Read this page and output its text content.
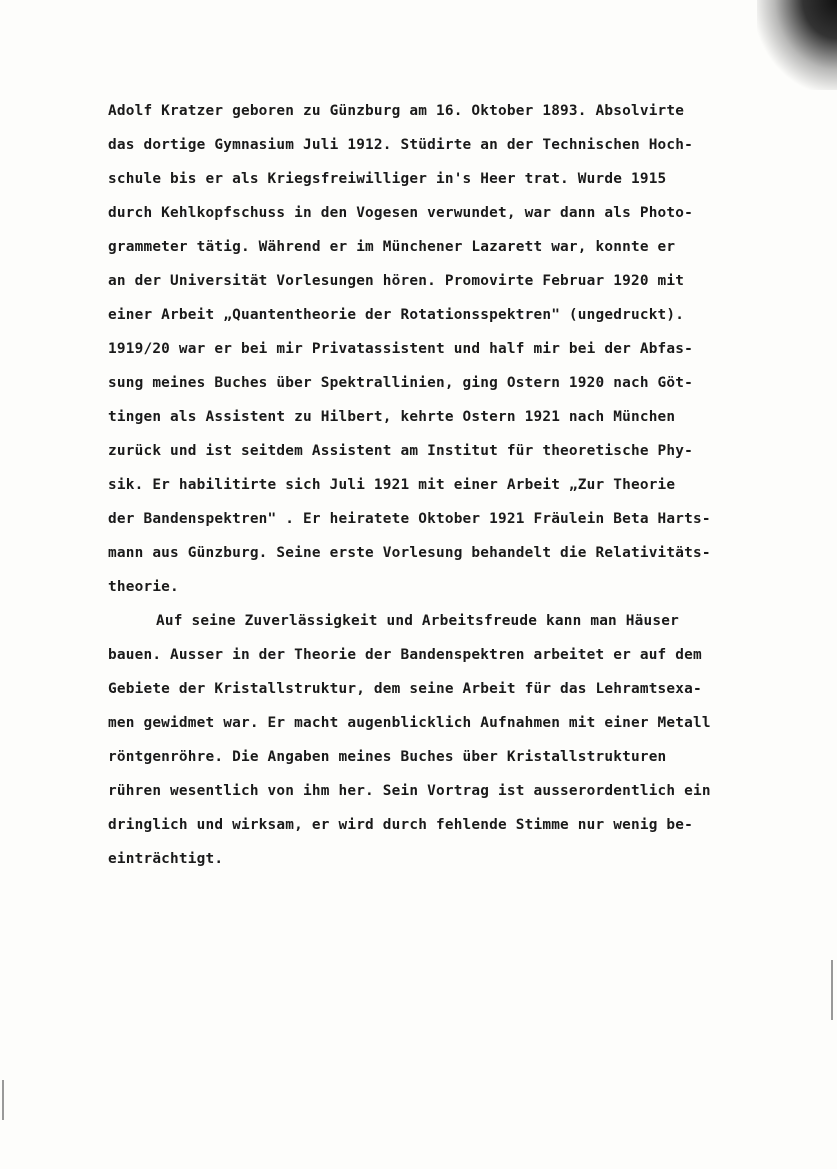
Adolf Kratzer geboren zu Günzburg am 16. Oktober 1893. Absolvirte
das dortige Gymnasium Juli 1912. Stüdirte an der Technischen Hoch-
schule bis er als Kriegsfreiwilliger in's Heer trat. Wurde 1915
durch Kehlkopfschuss in den Vogesen verwundet, war dann als Photo-
grammeter tätig. Während er im Münchener Lazarett war, konnte er
an der Universität Vorlesungen hören. Promovirte Februar 1920 mit
einer Arbeit „Quantentheorie der Rotationsspektren" (ungedruckt).
1919/20 war er bei mir Privatassistent und half mir bei der Abfas-
sung meines Buches über Spektrallinien, ging Ostern 1920 nach Göt-
tingen als Assistent zu Hilbert, kehrte Ostern 1921 nach München
zurück und ist seitdem Assistent am Institut für theoretische Phy-
sik. Er habilitirte sich Juli 1921 mit einer Arbeit „Zur Theorie
der Bandenspektren" . Er heiratete Oktober 1921 Fräulein Beta Harts-
mann aus Günzburg. Seine erste Vorlesung behandelt die Relativitäts-
theorie.
Auf seine Zuverlässigkeit und Arbeitsfreude kann man Häuser
bauen. Ausser in der Theorie der Bandenspektren arbeitet er auf dem
Gebiete der Kristallstruktur, dem seine Arbeit für das Lehramtsexa-
men gewidmet war. Er macht augenblicklich Aufnahmen mit einer Metall
röntgenröhre. Die Angaben meines Buches über Kristallstrukturen
rühren wesentlich von ihm her. Sein Vortrag ist ausserordentlich ein
dringlich und wirksam, er wird durch fehlende Stimme nur wenig be-
einträchtigt.
